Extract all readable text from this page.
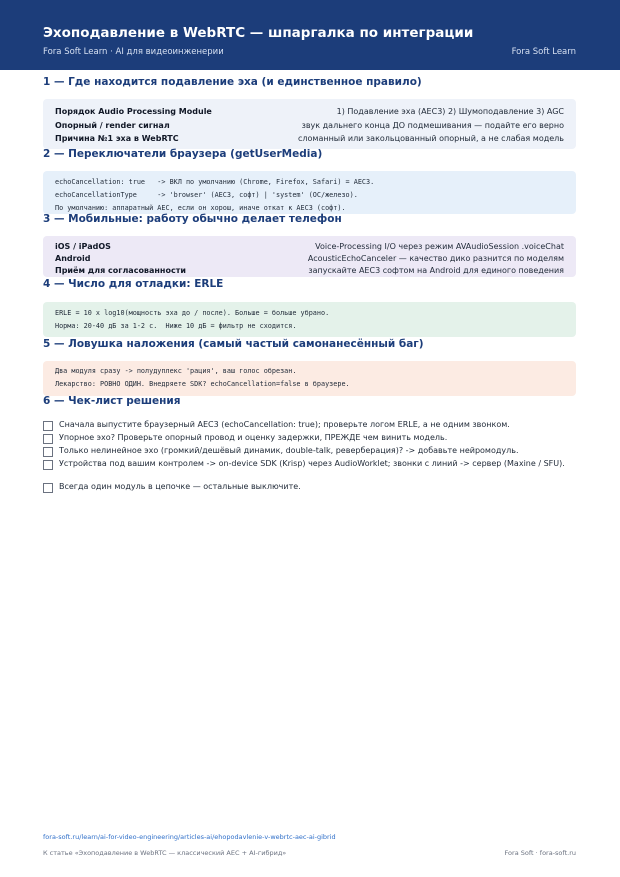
Эхоподавление в WebRTC — шпаргалка по интеграции
Fora Soft Learn · AI для видеоинженерии	Fora Soft Learn
1 — Где находится подавление эха (и единственное правило)
Порядок Audio Processing Module	1) Подавление эха (AEC3) 2) Шумоподавление 3) AGC
Опорный / render сигнал	звук дальнего конца ДО подмешивания — подайте его верно
Причина №1 эха в WebRTC	сломанный или закольцованный опорный, а не слабая модель
2 — Переключатели браузера (getUserMedia)
echoCancellation: true   -> ВКЛ по умолчанию (Chrome, Firefox, Safari) = AEC3.
echoCancellationType     -> 'browser' (AEC3, софт) | 'system' (ОС/железо).
По умолчанию: аппаратный AEC, если он хорош, иначе откат к AEC3 (софт).
3 — Мобильные: работу обычно делает телефон
iOS / iPadOS	Voice-Processing I/O через режим AVAudioSession .voiceChat
Android	AcousticEchoCanceler — качество дико разнится по моделям
Приём для согласованности	запускайте AEC3 софтом на Android для единого поведения
4 — Число для отладки: ERLE
ERLE = 10 x log10(мощность эха до / после). Больше = больше убрано.
Норма: 20-40 дБ за 1-2 с.  Ниже 10 дБ = фильтр не сходится.
5 — Ловушка наложения (самый частый самонанесённый баг)
Два модуля сразу -> полудуплекс 'рация', ваш голос обрезан.
Лекарство: РОВНО ОДИН. Внедряете SDK? echoCancellation=false в браузере.
6 — Чек-лист решения
Сначала выпустите браузерный AEC3 (echoCancellation: true); проверьте логом ERLE, а не одним звонком.
Упорное эхо? Проверьте опорный провод и оценку задержки, ПРЕЖДЕ чем винить модель.
Только нелинейное эхо (громкий/дешёвый динамик, double-talk, реверберация)? -> добавьте нейромодуль.
Устройства под вашим контролем -> on-device SDK (Krisp) через AudioWorklet; звонки с линий -> сервер (Maxine / SFU).
Всегда один модуль в цепочке — остальные выключите.
fora-soft.ru/learn/ai-for-video-engineering/articles-ai/ehopodavlenie-v-webrtc-aec-ai-gibrid
К статье «Эхоподавление в WebRTC — классический AEC + AI-гибрид»	Fora Soft · fora-soft.ru
